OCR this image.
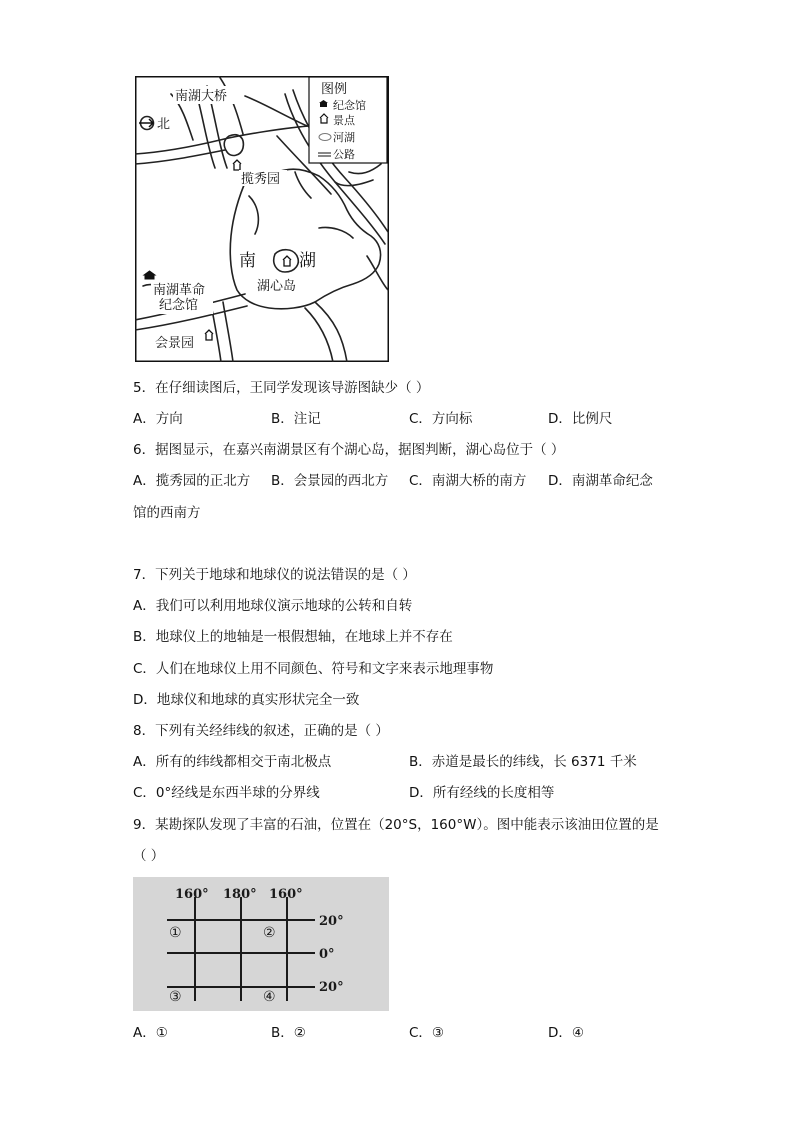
图例
纪念馆
景点
河湖
公路
南湖大桥
北
揽秀园
南	湖
湖心岛
南湖革命
纪念馆
会景园
5．在仔细读图后，王同学发现该导游图缺少（ ）
A．方向	B．注记	C．方向标	D．比例尺
6．据图显示，在嘉兴南湖景区有个湖心岛，据图判断，湖心岛位于（ ）
A．揽秀园的正北方 B．会景园的西北方 C．南湖大桥的南方 D．南湖革命纪念
馆的西南方
7．下列关于地球和地球仪的说法错误的是（ ）
A．我们可以利用地球仪演示地球的公转和自转
B．地球仪上的地轴是一根假想轴，在地球上并不存在
C．人们在地球仪上用不同颜色、符号和文字来表示地理事物
D．地球仪和地球的真实形状完全一致
8．下列有关经纬线的叙述，正确的是（ ）
A．所有的纬线都相交于南北极点	B．赤道是最长的纬线，长 6371 千米
C．0°经线是东西半球的分界线	D．所有经线的长度相等
9．某勘探队发现了丰富的石油，位置在（20°S，160°W）。图中能表示该油田位置的是
（ ）
160° 180° 160°
20°
0°
20°
①	②
③	④
A．①	B．②	C．③	D．④
